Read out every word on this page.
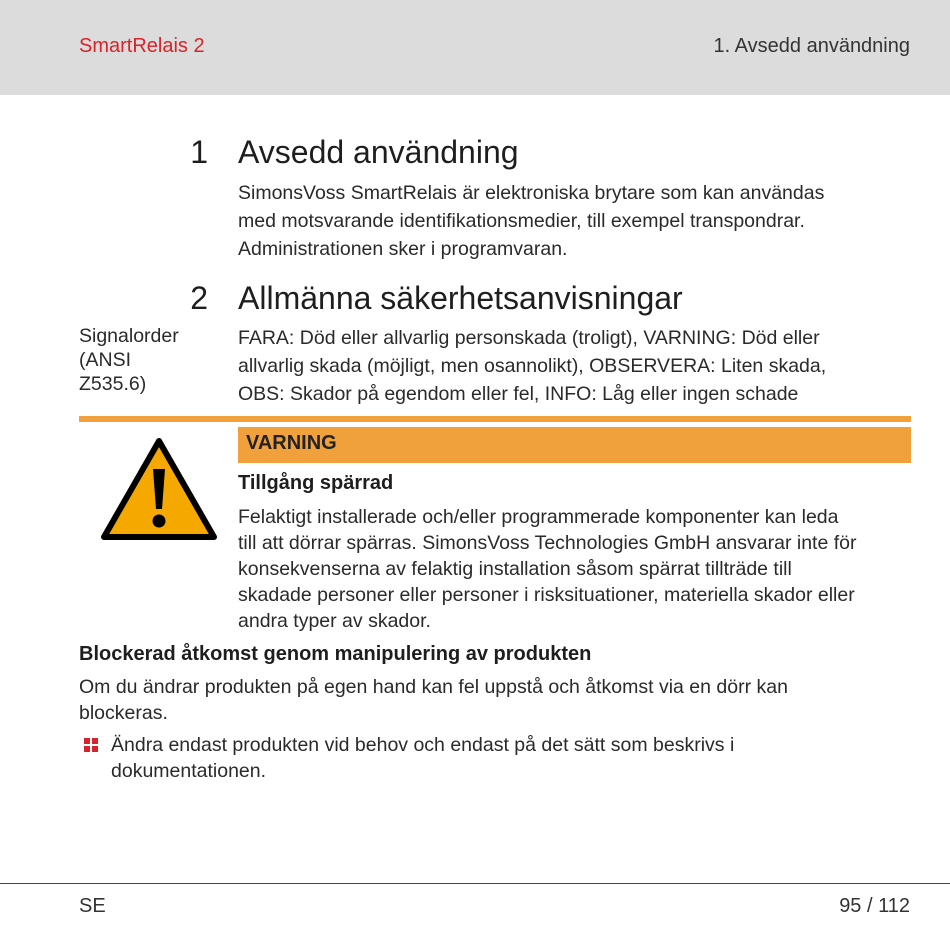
SmartRelais 2	1. Avsedd användning
1 Avsedd användning
SimonsVoss SmartRelais är elektroniska brytare som kan användas
med motsvarande identifikationsmedier, till exempel transpondrar.
Administrationen sker i programvaran.
2 Allmänna säkerhetsanvisningar
Signalorder
(ANSI
Z535.6)
FARA: Död eller allvarlig personskada (troligt), VARNING: Död eller
allvarlig skada (möjligt, men osannolikt), OBSERVERA: Liten skada,
OBS: Skador på egendom eller fel, INFO: Låg eller ingen schade
VARNING
Tillgång spärrad
Felaktigt installerade och/eller programmerade komponenter kan leda
till att dörrar spärras. SimonsVoss Technologies GmbH ansvarar inte för
konsekvenserna av felaktig installation såsom spärrat tillträde till
skadade personer eller personer i risksituationer, materiella skador eller
andra typer av skador.
Blockerad åtkomst genom manipulering av produkten
Om du ändrar produkten på egen hand kan fel uppstå och åtkomst via en dörr kan
blockeras.
Ändra endast produkten vid behov och endast på det sätt som beskrivs i
dokumentationen.
SE	95 / 112
